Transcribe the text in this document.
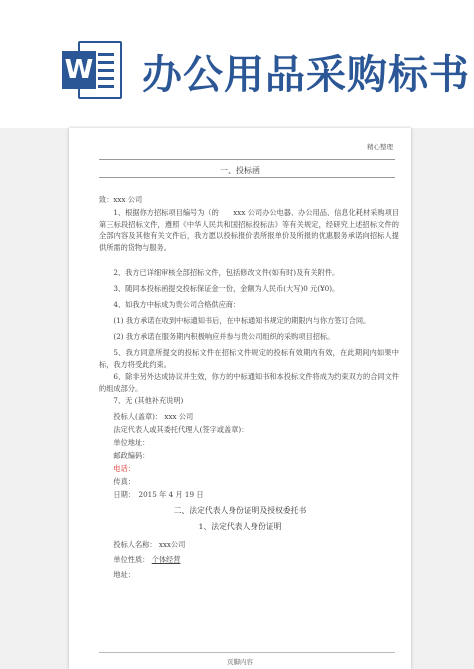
W 办公用品采购标书
精心整理
一、投标函
致：xxx 公司
1、根据你方招标项目编号为（的　　xxx 公司办公电器、办公用品、信息化耗材采购项目第三标段招标文件，遵照《中华人民共和国招标投标法》等有关规定，经研究上述招标文件的全部内容及其他有关文件后，我方愿以投标报价表所报单价及所报的优惠服务承诺向招标人提供所需的货物与服务。
2、我方已详细审核全部招标文件，包括修改文件(如有时)及有关附件。
3、随同本投标函提交投标保证金一份，金额为人民币(大写)0 元(¥0)。
4、如我方中标成为贵公司合格供应商：
(1) 我方承诺在收到中标通知书后，在中标通知书规定的期限内与你方签订合同。
(2) 我方承诺在服务期内积极响应并参与贵公司组织的采购项目招标。
5、我方同意所提交的投标文件在招标文件规定的投标有效期内有效，在此期间内如果中标，我方将受此约束。
6、除非另外达成协议并生效，你方的中标通知书和本投标文件将成为约束双方的合同文件的组成部分。
7、无 (其他补充说明)
投标人(盖章)： xxx 公司
法定代表人或其委托代理人(签字或盖章)：
单位地址：
邮政编码：
电话：
传真：
日期：　2015 年 4 月 19 日
二、法定代表人身份证明及授权委托书
1、法定代表人身份证明
投标人名称： xxx公司
单位性质： 个体经营
地址：
页脚内容
